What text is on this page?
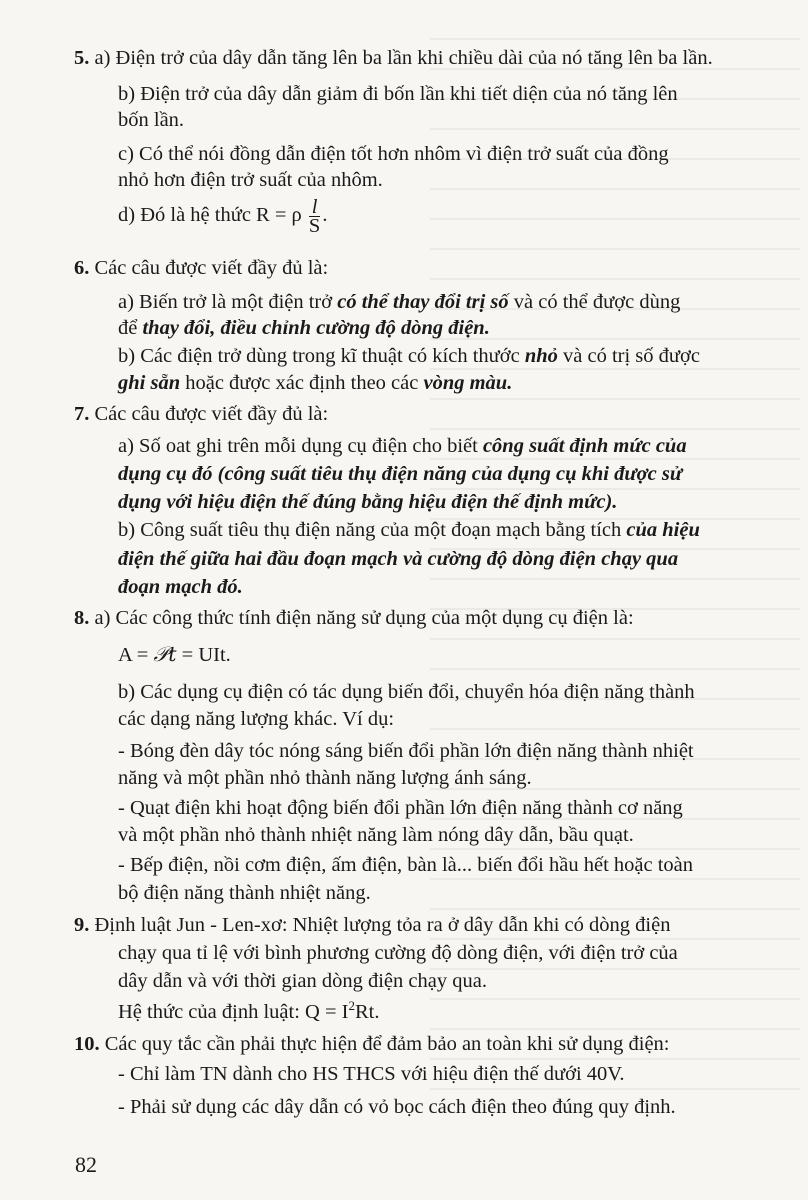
5. a) Điện trở của dây dẫn tăng lên ba lần khi chiều dài của nó tăng lên ba lần.
b) Điện trở của dây dẫn giảm đi bốn lần khi tiết diện của nó tăng lên
bốn lần.
c) Có thể nói đồng dẫn điện tốt hơn nhôm vì điện trở suất của đồng
nhỏ hơn điện trở suất của nhôm.
d) Đó là hệ thức R = ρ $\frac{l}{S}$ .
6. Các câu được viết đầy đủ là:
a) Biến trở là một điện trở có thể thay đổi trị số và có thể được dùng
để thay đổi, điều chỉnh cường độ dòng điện.
b) Các điện trở dùng trong kĩ thuật có kích thước nhỏ và có trị số được
ghi sẵn hoặc được xác định theo các vòng màu.
7. Các câu được viết đầy đủ là:
a) Số oat ghi trên mỗi dụng cụ điện cho biết công suất định mức của
dụng cụ đó (công suất tiêu thụ điện năng của dụng cụ khi được sử
dụng với hiệu điện thế đúng bằng hiệu điện thế định mức).
b) Công suất tiêu thụ điện năng của một đoạn mạch bằng tích của hiệu
điện thế giữa hai đầu đoạn mạch và cường độ dòng điện chạy qua
đoạn mạch đó.
8. a) Các công thức tính điện năng sử dụng của một dụng cụ điện là:
A = 𝒫t = UIt.
b) Các dụng cụ điện có tác dụng biến đổi, chuyển hóa điện năng thành
các dạng năng lượng khác. Ví dụ:
- Bóng đèn dây tóc nóng sáng biến đổi phần lớn điện năng thành nhiệt
năng và một phần nhỏ thành năng lượng ánh sáng.
- Quạt điện khi hoạt động biến đổi phần lớn điện năng thành cơ năng
và một phần nhỏ thành nhiệt năng làm nóng dây dẫn, bầu quạt.
- Bếp điện, nồi cơm điện, ấm điện, bàn là... biến đổi hầu hết hoặc toàn
bộ điện năng thành nhiệt năng.
9. Định luật Jun - Len-xơ: Nhiệt lượng tỏa ra ở dây dẫn khi có dòng điện
chạy qua tỉ lệ với bình phương cường độ dòng điện, với điện trở của
dây dẫn và với thời gian dòng điện chạy qua.
Hệ thức của định luật: $Q = I^2Rt$.
10. Các quy tắc cần phải thực hiện để đảm bảo an toàn khi sử dụng điện:
- Chỉ làm TN dành cho HS THCS với hiệu điện thế dưới 40V.
- Phải sử dụng các dây dẫn có vỏ bọc cách điện theo đúng quy định.
82
